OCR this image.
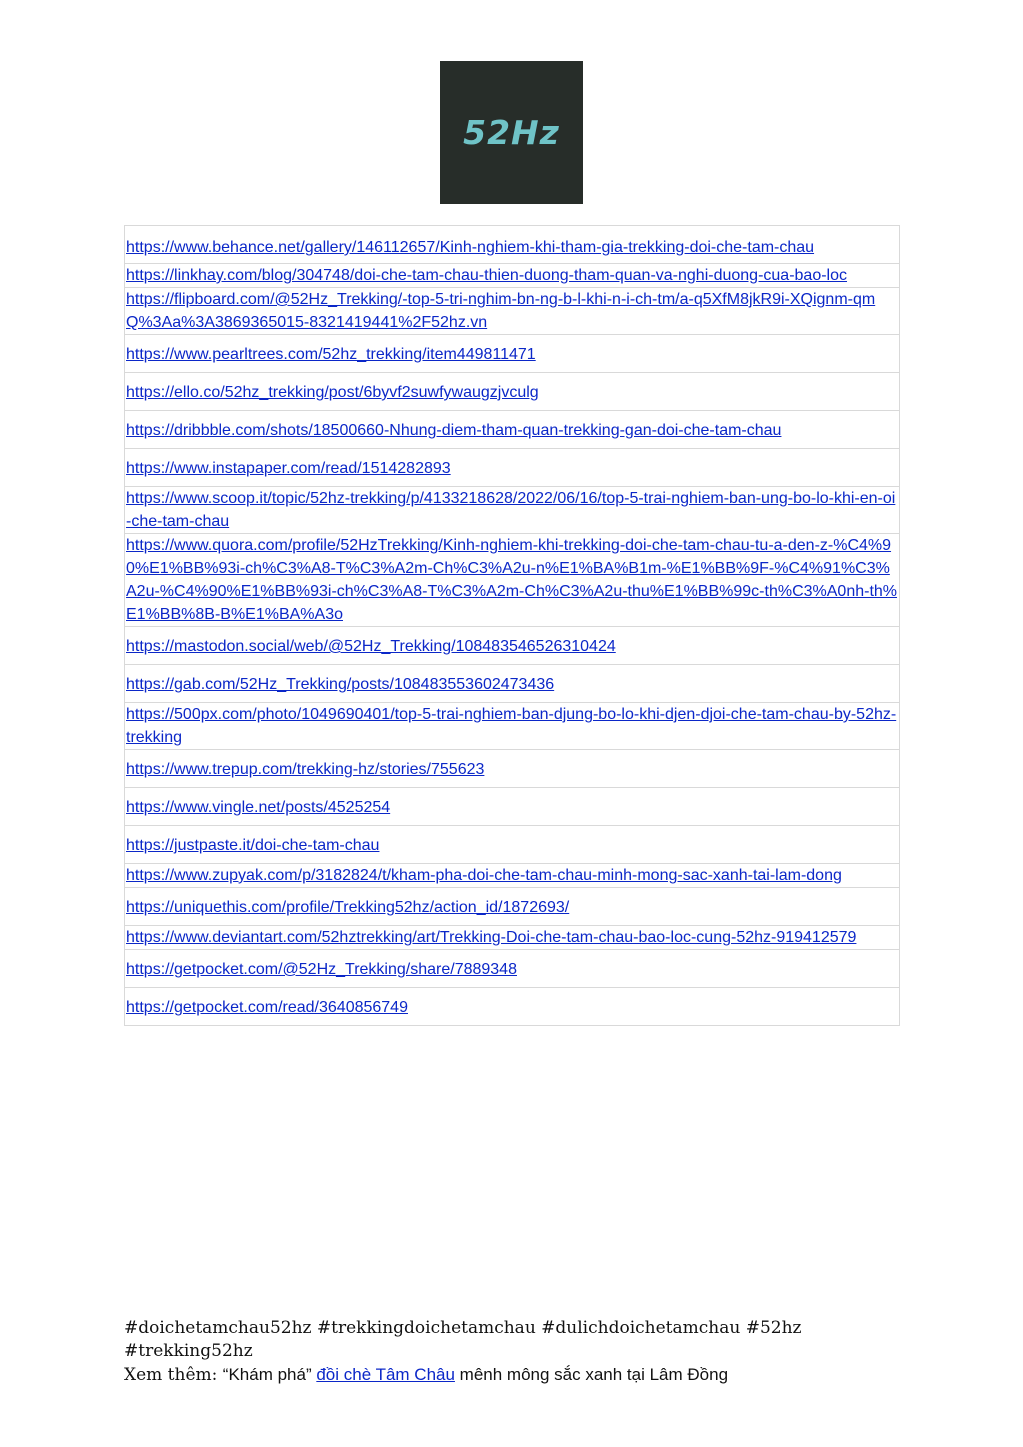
52Hz
https://www.behance.net/gallery/146112657/Kinh-nghiem-khi-tham-gia-trekking-doi-che-tam-chau
https://linkhay.com/blog/304748/doi-che-tam-chau-thien-duong-tham-quan-va-nghi-duong-cua-bao-loc
https://flipboard.com/@52Hz_Trekking/-top-5-tri-nghim-bn-ng-b-l-khi-n-i-ch-tm/a-q5XfM8jkR9i-XQignm-qmQ%3Aa%3A3869365015-8321419441%2F52hz.vn
https://www.pearltrees.com/52hz_trekking/item449811471
https://ello.co/52hz_trekking/post/6byvf2suwfywaugzjvculg
https://dribbble.com/shots/18500660-Nhung-diem-tham-quan-trekking-gan-doi-che-tam-chau
https://www.instapaper.com/read/1514282893
https://www.scoop.it/topic/52hz-trekking/p/4133218628/2022/06/16/top-5-trai-nghiem-ban-ung-bo-lo-khi-en-oi-che-tam-chau
https://www.quora.com/profile/52HzTrekking/Kinh-nghiem-khi-trekking-doi-che-tam-chau-tu-a-den-z-%C4%90%E1%BB%93i-ch%C3%A8-T%C3%A2m-Ch%C3%A2u-n%E1%BA%B1m-%E1%BB%9F-%C4%91%C3%A2u-%C4%90%E1%BB%93i-ch%C3%A8-T%C3%A2m-Ch%C3%A2u-thu%E1%BB%99c-th%C3%A0nh-th%E1%BB%8B-B%E1%BA%A3o
https://mastodon.social/web/@52Hz_Trekking/108483546526310424
https://gab.com/52Hz_Trekking/posts/108483553602473436
https://500px.com/photo/1049690401/top-5-trai-nghiem-ban-djung-bo-lo-khi-djen-djoi-che-tam-chau-by-52hz-trekking
https://www.trepup.com/trekking-hz/stories/755623
https://www.vingle.net/posts/4525254
https://justpaste.it/doi-che-tam-chau
https://www.zupyak.com/p/3182824/t/kham-pha-doi-che-tam-chau-minh-mong-sac-xanh-tai-lam-dong
https://uniquethis.com/profile/Trekking52hz/action_id/1872693/
https://www.deviantart.com/52hztrekking/art/Trekking-Doi-che-tam-chau-bao-loc-cung-52hz-919412579
https://getpocket.com/@52Hz_Trekking/share/7889348
https://getpocket.com/read/3640856749
#doichetamchau52hz #trekkingdoichetamchau #dulichdoichetamchau #52hz
#trekking52hz
Xem thêm: “Khám phá” đồi chè Tâm Châu mênh mông sắc xanh tại Lâm Đồng
